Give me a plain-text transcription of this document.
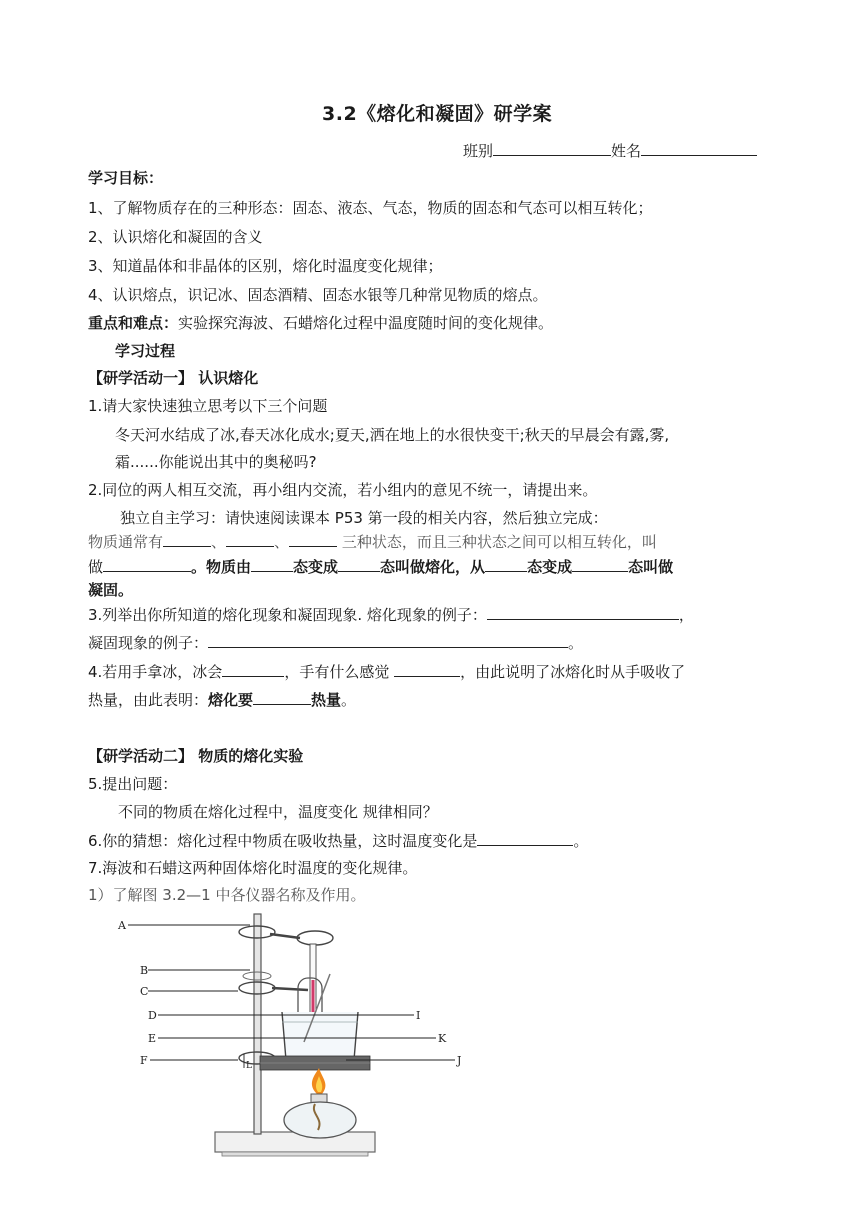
3.2《熔化和凝固》研学案
班别	姓名
学习目标：
1、了解物质存在的三种形态：固态、液态、气态，物质的固态和气态可以相互转化；
2、认识熔化和凝固的含义
3、知道晶体和非晶体的区别，熔化时温度变化规律；
4、认识熔点，识记冰、固态酒精、固态水银等几种常见物质的熔点。
重点和难点：实验探究海波、石蜡熔化过程中温度随时间的变化规律。
学习过程
【研学活动一】 认识熔化
1.请大家快速独立思考以下三个问题
冬天河水结成了冰,春天冰化成水;夏天,洒在地上的水很快变干;秋天的早晨会有露,雾,
霜......你能说出其中的奥秘吗?
2.同位的两人相互交流，再小组内交流，若小组内的意见不统一，请提出来。
独立自主学习：请快速阅读课本 P53 第一段的相关内容，然后独立完成：
物质通常有	、	、	三种状态，而且三种状态之间可以相互转化，叫
做	。物质由	态变成	态叫做熔化，从	态变成	态叫做
凝固。
3.列举出你所知道的熔化现象和凝固现象. 熔化现象的例子：	，
凝固现象的例子：	。
4.若用手拿冰，冰会	，手有什么感觉	，由此说明了冰熔化时从手吸收了
热量，由此表明：熔化要	热量。
【研学活动二】 物质的熔化实验
5.提出问题：
不同的物质在熔化过程中，温度变化 规律相同？
6.你的猜想：熔化过程中物质在吸收热量，这时温度变化是	。
7.海波和石蜡这两种固体熔化时温度的变化规律。
1）了解图 3.2—1 中各仪器名称及作用。
A
B
C
D
E
F
I
K
J
L
